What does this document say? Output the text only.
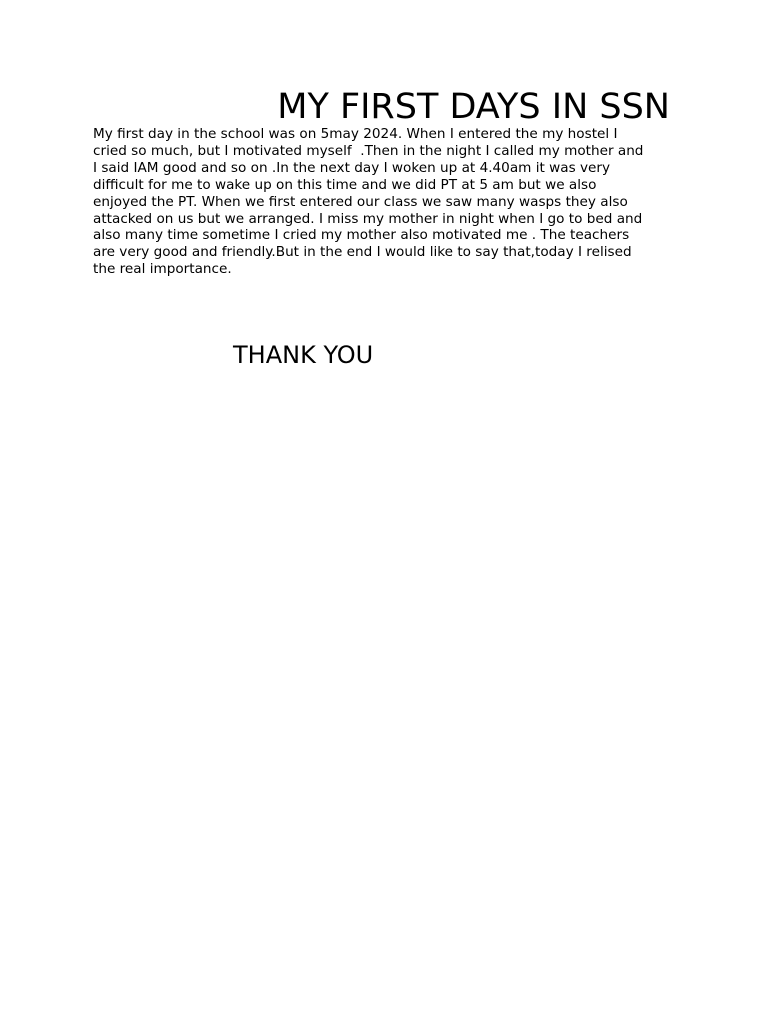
MY FIRST DAYS IN SSN
My first day in the school was on 5may 2024. When I entered the my hostel I
cried so much, but I motivated myself  .Then in the night I called my mother and
I said IAM good and so on .In the next day I woken up at 4.40am it was very
difficult for me to wake up on this time and we did PT at 5 am but we also
enjoyed the PT. When we first entered our class we saw many wasps they also
attacked on us but we arranged. I miss my mother in night when I go to bed and
also many time sometime I cried my mother also motivated me . The teachers
are very good and friendly.But in the end I would like to say that,today I relised
the real importance.

THANK YOU
